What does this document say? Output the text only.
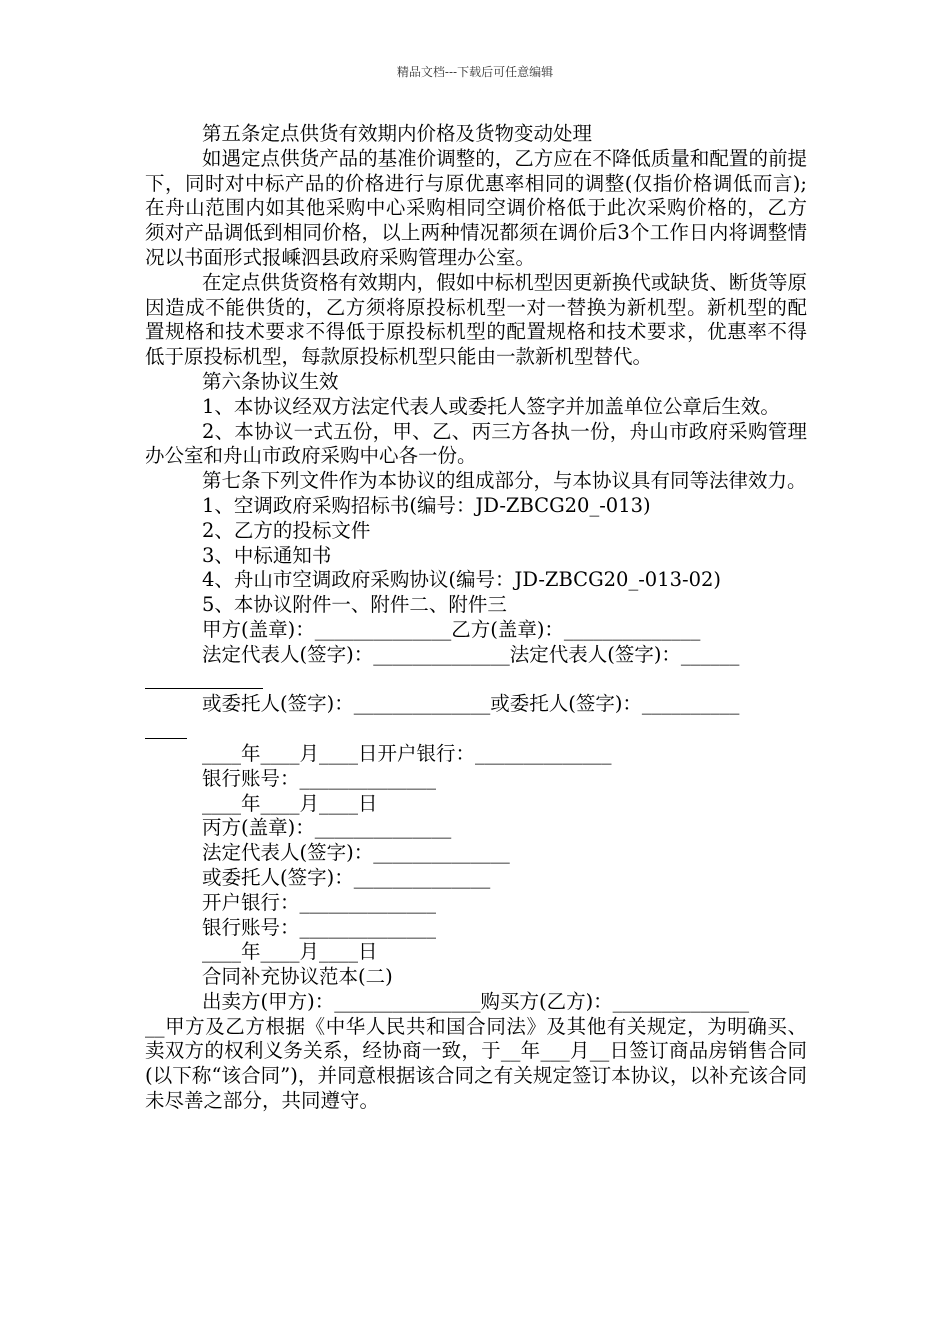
精品文档---下载后可任意编辑

第五条定点供货有效期内价格及货物变动处理

如遇定点供货产品的基准价调整的，乙方应在不降低质量和配置的前提下，同时对中标产品的价格进行与原优惠率相同的调整(仅指价格调低而言);在舟山范围内如其他采购中心采购相同空调价格低于此次采购价格的，乙方须对产品调低到相同价格，以上两种情况都须在调价后3个工作日内将调整情况以书面形式报嵊泗县政府采购管理办公室。

在定点供货资格有效期内，假如中标机型因更新换代或缺货、断货等原因造成不能供货的，乙方须将原投标机型一对一替换为新机型。新机型的配置规格和技术要求不得低于原投标机型的配置规格和技术要求，优惠率不得低于原投标机型，每款原投标机型只能由一款新机型替代。

第六条协议生效

1、本协议经双方法定代表人或委托人签字并加盖单位公章后生效。

2、本协议一式五份，甲、乙、丙三方各执一份，舟山市政府采购管理办公室和舟山市政府采购中心各一份。

第七条下列文件作为本协议的组成部分，与本协议具有同等法律效力。

1、空调政府采购招标书(编号：JD-ZBCG20_-013)
2、乙方的投标文件
3、中标通知书
4、舟山市空调政府采购协议(编号：JD-ZBCG20_-013-02)
5、本协议附件一、附件二、附件三
甲方(盖章)：______________乙方(盖章)：______________
法定代表人(签字)：______________法定代表人(签字)：______
或委托人(签字)：______________或委托人(签字)：__________
____年____月____日开户银行：______________
银行账号：______________
____年____月____日
丙方(盖章)：______________
法定代表人(签字)：______________
或委托人(签字)：______________
开户银行：______________
银行账号：______________
____年____月____日
合同补充协议范本(二)
出卖方(甲方)：_______________购买方(乙方)：______________

__甲方及乙方根据《中华人民共和国合同法》及其他有关规定，为明确买、卖双方的权利义务关系，经协商一致，于__年___月__日签订商品房销售合同(以下称“该合同”)，并同意根据该合同之有关规定签订本协议，以补充该合同未尽善之部分，共同遵守。
